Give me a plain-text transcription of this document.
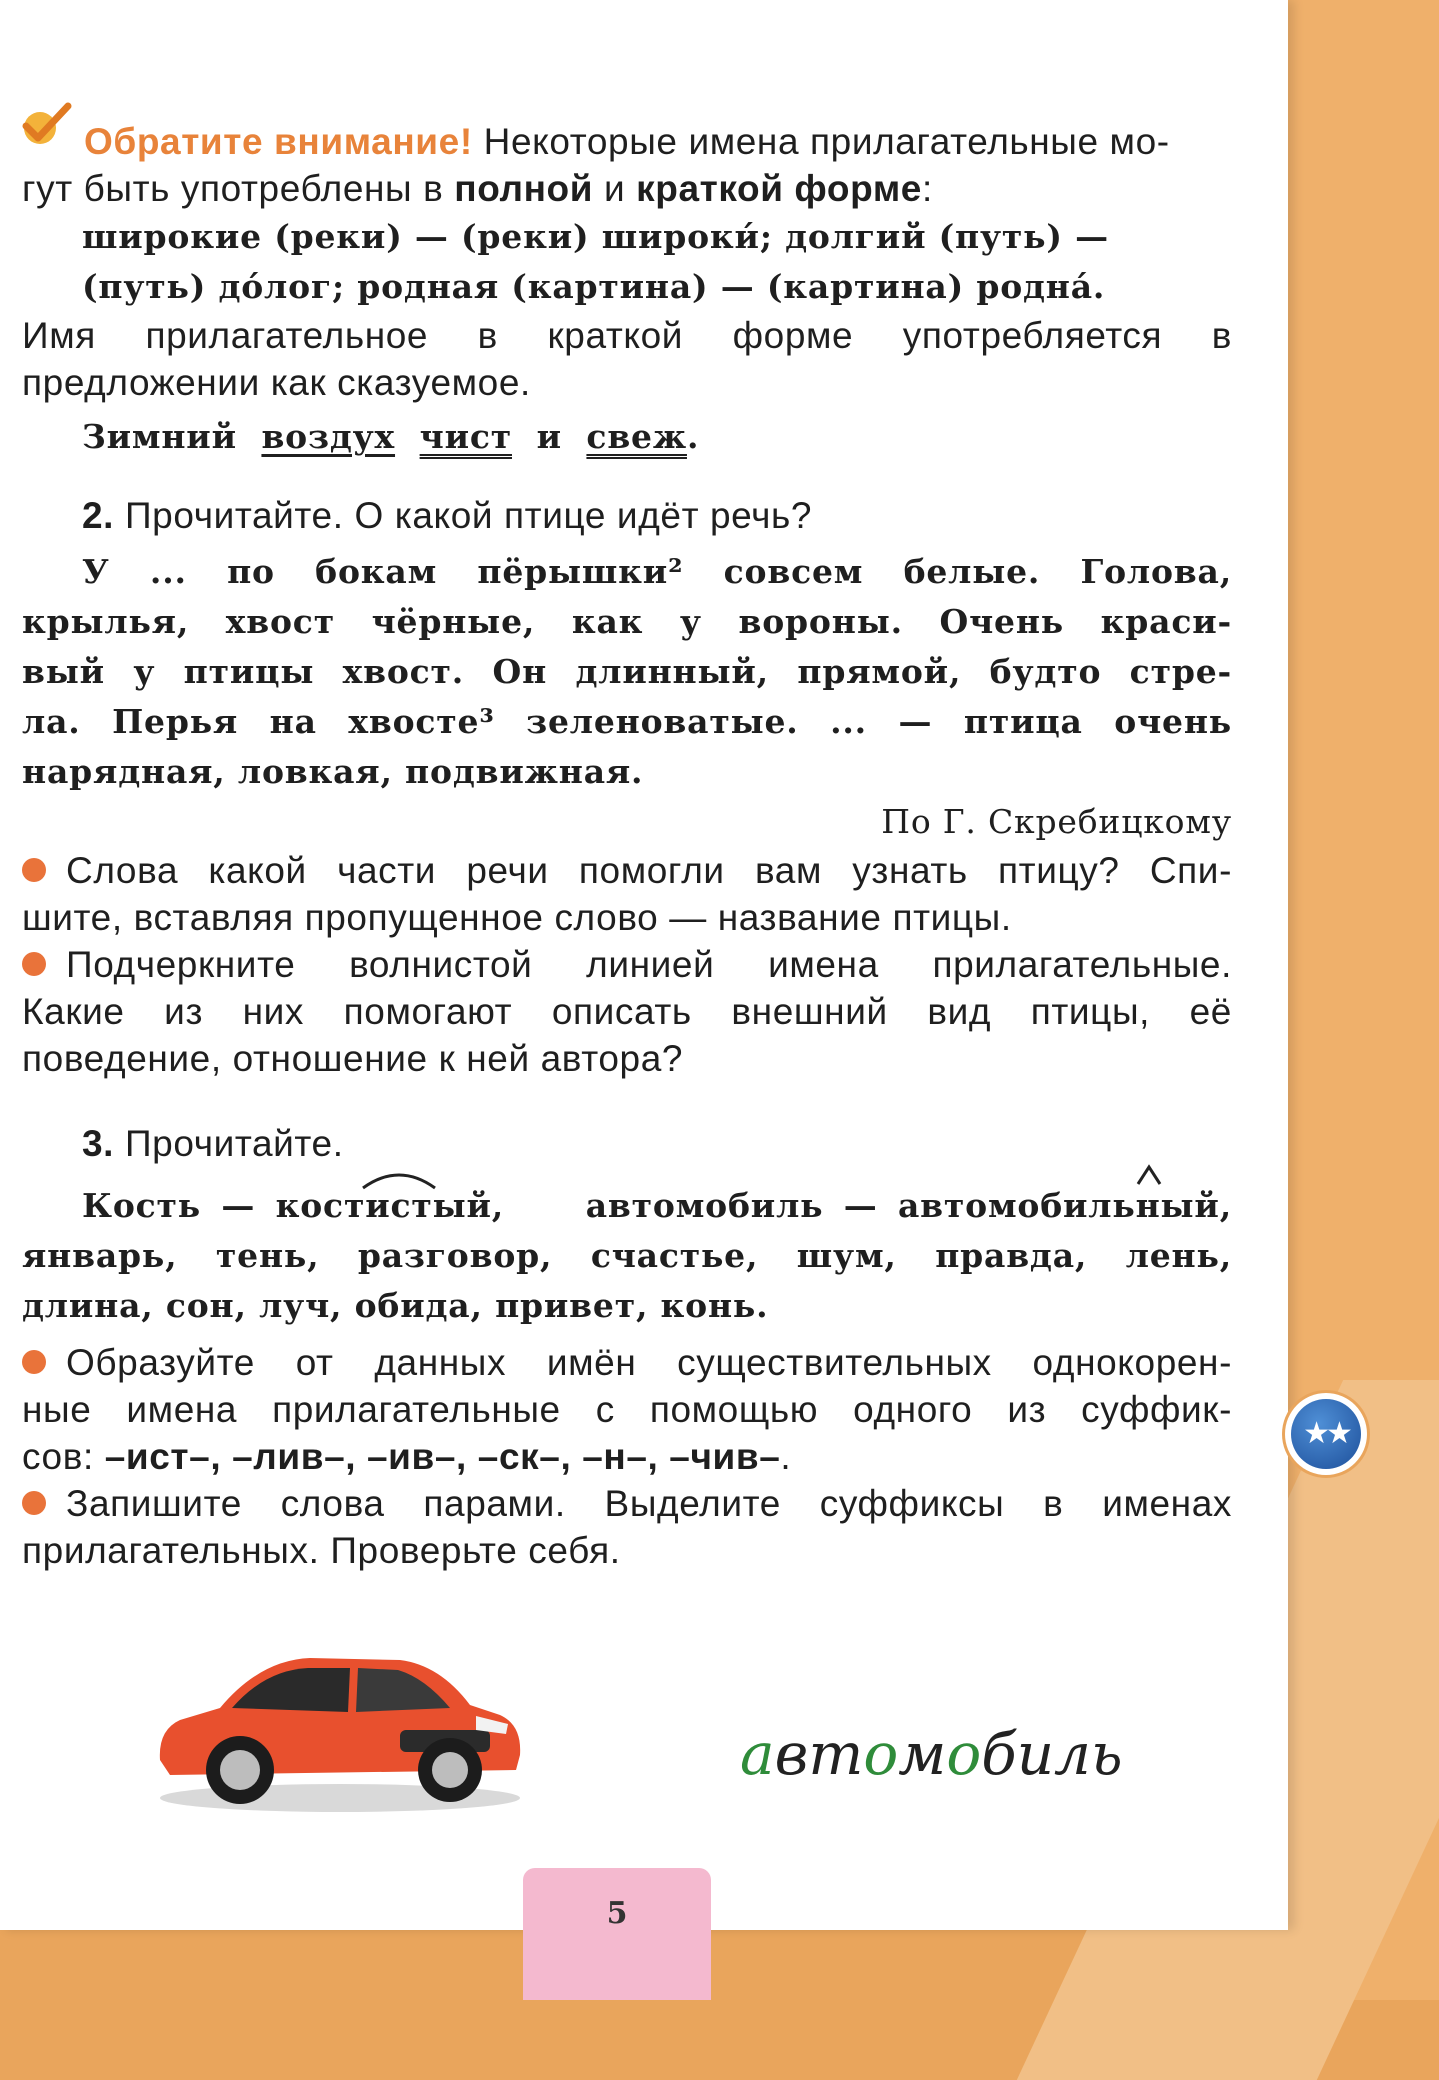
Обратите внимание! Некоторые имена прилагательные мо-

гут быть употреблены в полной и краткой форме:

широкие (реки) — (реки) широки́; долгий (путь) —

(путь) до́лог; родная (картина) — (картина) родна́.

Имя прилагательное в краткой форме употребляется в

предложении как сказуемое.

Зимний воздух чист и свеж.

2. Прочитайте. О какой птице идёт речь?

У ... по бокам пёрышки² совсем белые. Голова,

крылья, хвост чёрные, как у вороны. Очень краси-

вый у птицы хвост. Он длинный, прямой, будто стре-

ла. Перья на хвосте³ зеленоватые. ... — птица очень

нарядная, ловкая, подвижная.

По Г. Скребицкому

Слова какой части речи помогли вам узнать птицу? Спи-

шите, вставляя пропущенное слово — название птицы.

Подчеркните волнистой линией имена прилагательные.

Какие из них помогают описать внешний вид птицы, её

поведение, отношение к ней автора?

3. Прочитайте.

Кость — кост
истый, автомобиль — автомобиль
ный,

январь, тень, разговор, счастье, шум, правда, лень,

длина, сон, луч, обида, привет, конь.

Образуйте от данных имён существительных однокорен-

ные имена прилагательные с помощью одного из суффик-

сов: –ист–, –лив–, –ив–, –ск–, –н–, –чив–.

Запишите слова парами. Выделите суффиксы в именах

прилагательных. Проверьте себя.

автомобиль
★★
5
